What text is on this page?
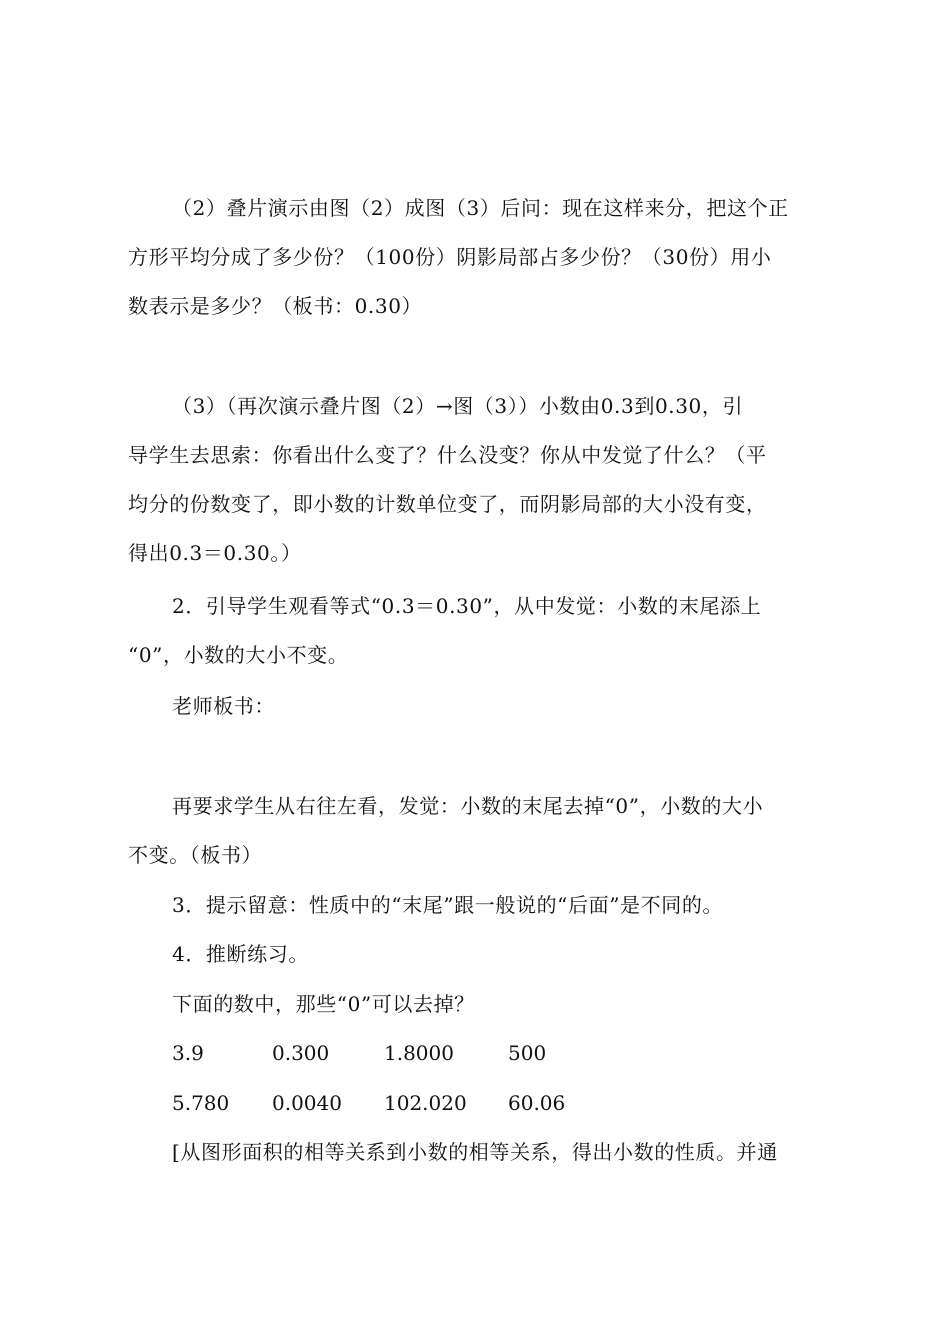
（2）叠片演示由图（2）成图（3）后问：现在这样来分，把这个正
方形平均分成了多少份？（100份）阴影局部占多少份？（30份）用小
数表示是多少？（板书：0.30）
（3）（再次演示叠片图（2）→图（3））小数由0.3到0.30，引
导学生去思索：你看出什么变了？什么没变？你从中发觉了什么？（平
均分的份数变了，即小数的计数单位变了，而阴影局部的大小没有变，
得出0.3＝0.30。）
2．引导学生观看等式“0.3＝0.30”，从中发觉：小数的末尾添上
“0”，小数的大小不变。
老师板书：
再要求学生从右往左看，发觉：小数的末尾去掉“0”，小数的大小
不变。（板书）
3．提示留意：性质中的“末尾”跟一般说的“后面”是不同的。
4．推断练习。
下面的数中，那些“0”可以去掉？
3.9	0.300	1.8000	500
5.780 0.0040 102.020 60.06
[从图形面积的相等关系到小数的相等关系，得出小数的性质。并通
